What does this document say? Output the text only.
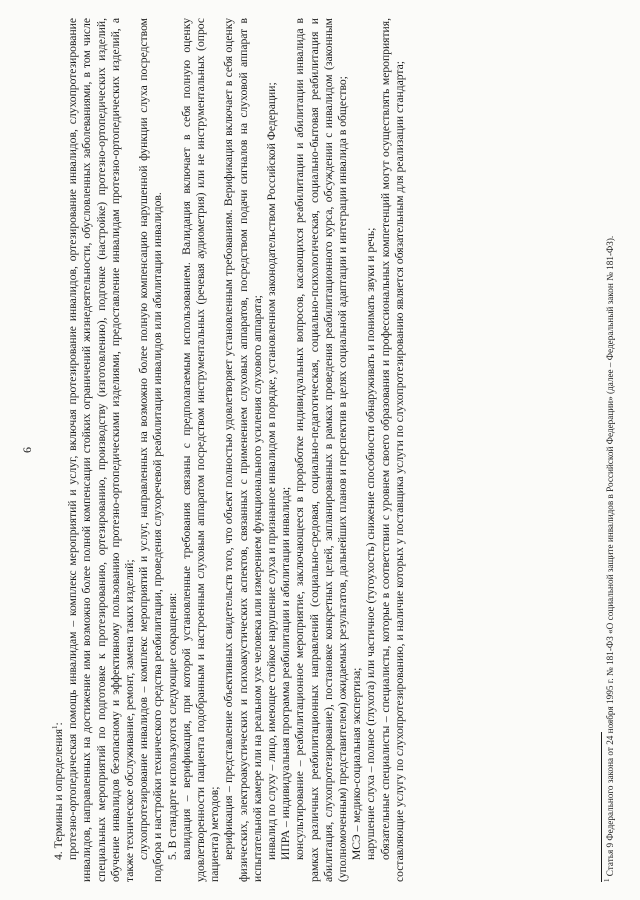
6

4. Термины и определения$^1$: протезно-ортопедическая помощь инвалидам – комплекс мероприятий и услуг, включая протезирование инвалидов, ортезирование инвалидов, слухопротезирование инвалидов, направленных на достижение ими возможно более полной компенсации стойких ограничений жизнедеятельности, обусловленных заболеваниями, в том числе специальных мероприятий по подготовке к протезированию, ортезированию, производству (изготовлению), подгонке (настройке) протезно-ортопедических изделий, обучение инвалидов безопасному и эффективному пользованию протезно-ортопедическими изделиями, предоставление инвалидам протезно-ортопедических изделий, а также техническое обслуживание, ремонт, замена таких изделий; слухопротезирование инвалидов – комплекс мероприятий и услуг, направленных на возможно более полную компенсацию нарушенной функции слуха посредством подбора и настройки технического средства реабилитации, проведения слухоречевой реабилитации инвалидов или абилитации инвалидов. 5. В стандарте используются следующие сокращения: валидация – верификация, при которой установленные требования связаны с предполагаемым использованием. Валидация включает в себя полную оценку удовлетворенности пациента подобранным и настроенным слуховым аппаратом посредством инструментальных (речевая аудиометрия) или не инструментальных (опрос пациента) методов; верификация – представление объективных свидетельств того, что объект полностью удовлетворяет установленным требованиям. Верификация включает в себя оценку физических, электроакустических и психоакустических аспектов, связанных с применением слуховых аппаратов, посредством подачи сигналов на слуховой аппарат в испытательной камере или на реальном ухе человека или измерением функционального усиления слухового аппарата; инвалид по слуху – лицо, имеющее стойкое нарушение слуха и признанное инвалидом в порядке, установленном законодательством Российской Федерации; ИПРА – индивидуальная программа реабилитации и абилитации инвалида; консультирование – реабилитационное мероприятие, заключающееся в проработке индивидуальных вопросов, касающихся реабилитации и абилитации инвалида в рамках различных реабилитационных направлений (социально-средовая, социально-педагогическая, социально-психологическая, социально-бытовая реабилитация и абилитация, слухопротезирование), постановке конкретных целей, запланированных в рамках проведения реабилитационного курса, обсуждении с инвалидом (законным (уполномоченным) представителем) ожидаемых результатов, дальнейших планов и перспектив в целях социальной адаптации и интеграции инвалида в общество; МСЭ – медико-социальная экспертиза; нарушение слуха – полное (глухота) или частичное (тугоухость) снижение способности обнаруживать и понимать звуки и речь; обязательные специалисты – специалисты, которые в соответствии с уровнем своего образования и профессиональных компетенций могут осуществлять мероприятия, составляющие услугу по слухопротезированию, и наличие которых у поставщика услуги по слухопротезированию является обязательным для реализации стандарта;	$^1$ Статья 9 Федерального закона от 24 ноября 1995 г. № 181-ФЗ «О социальной защите инвалидов в Российской Федерации» (далее – Федеральный закон № 181-ФЗ).
